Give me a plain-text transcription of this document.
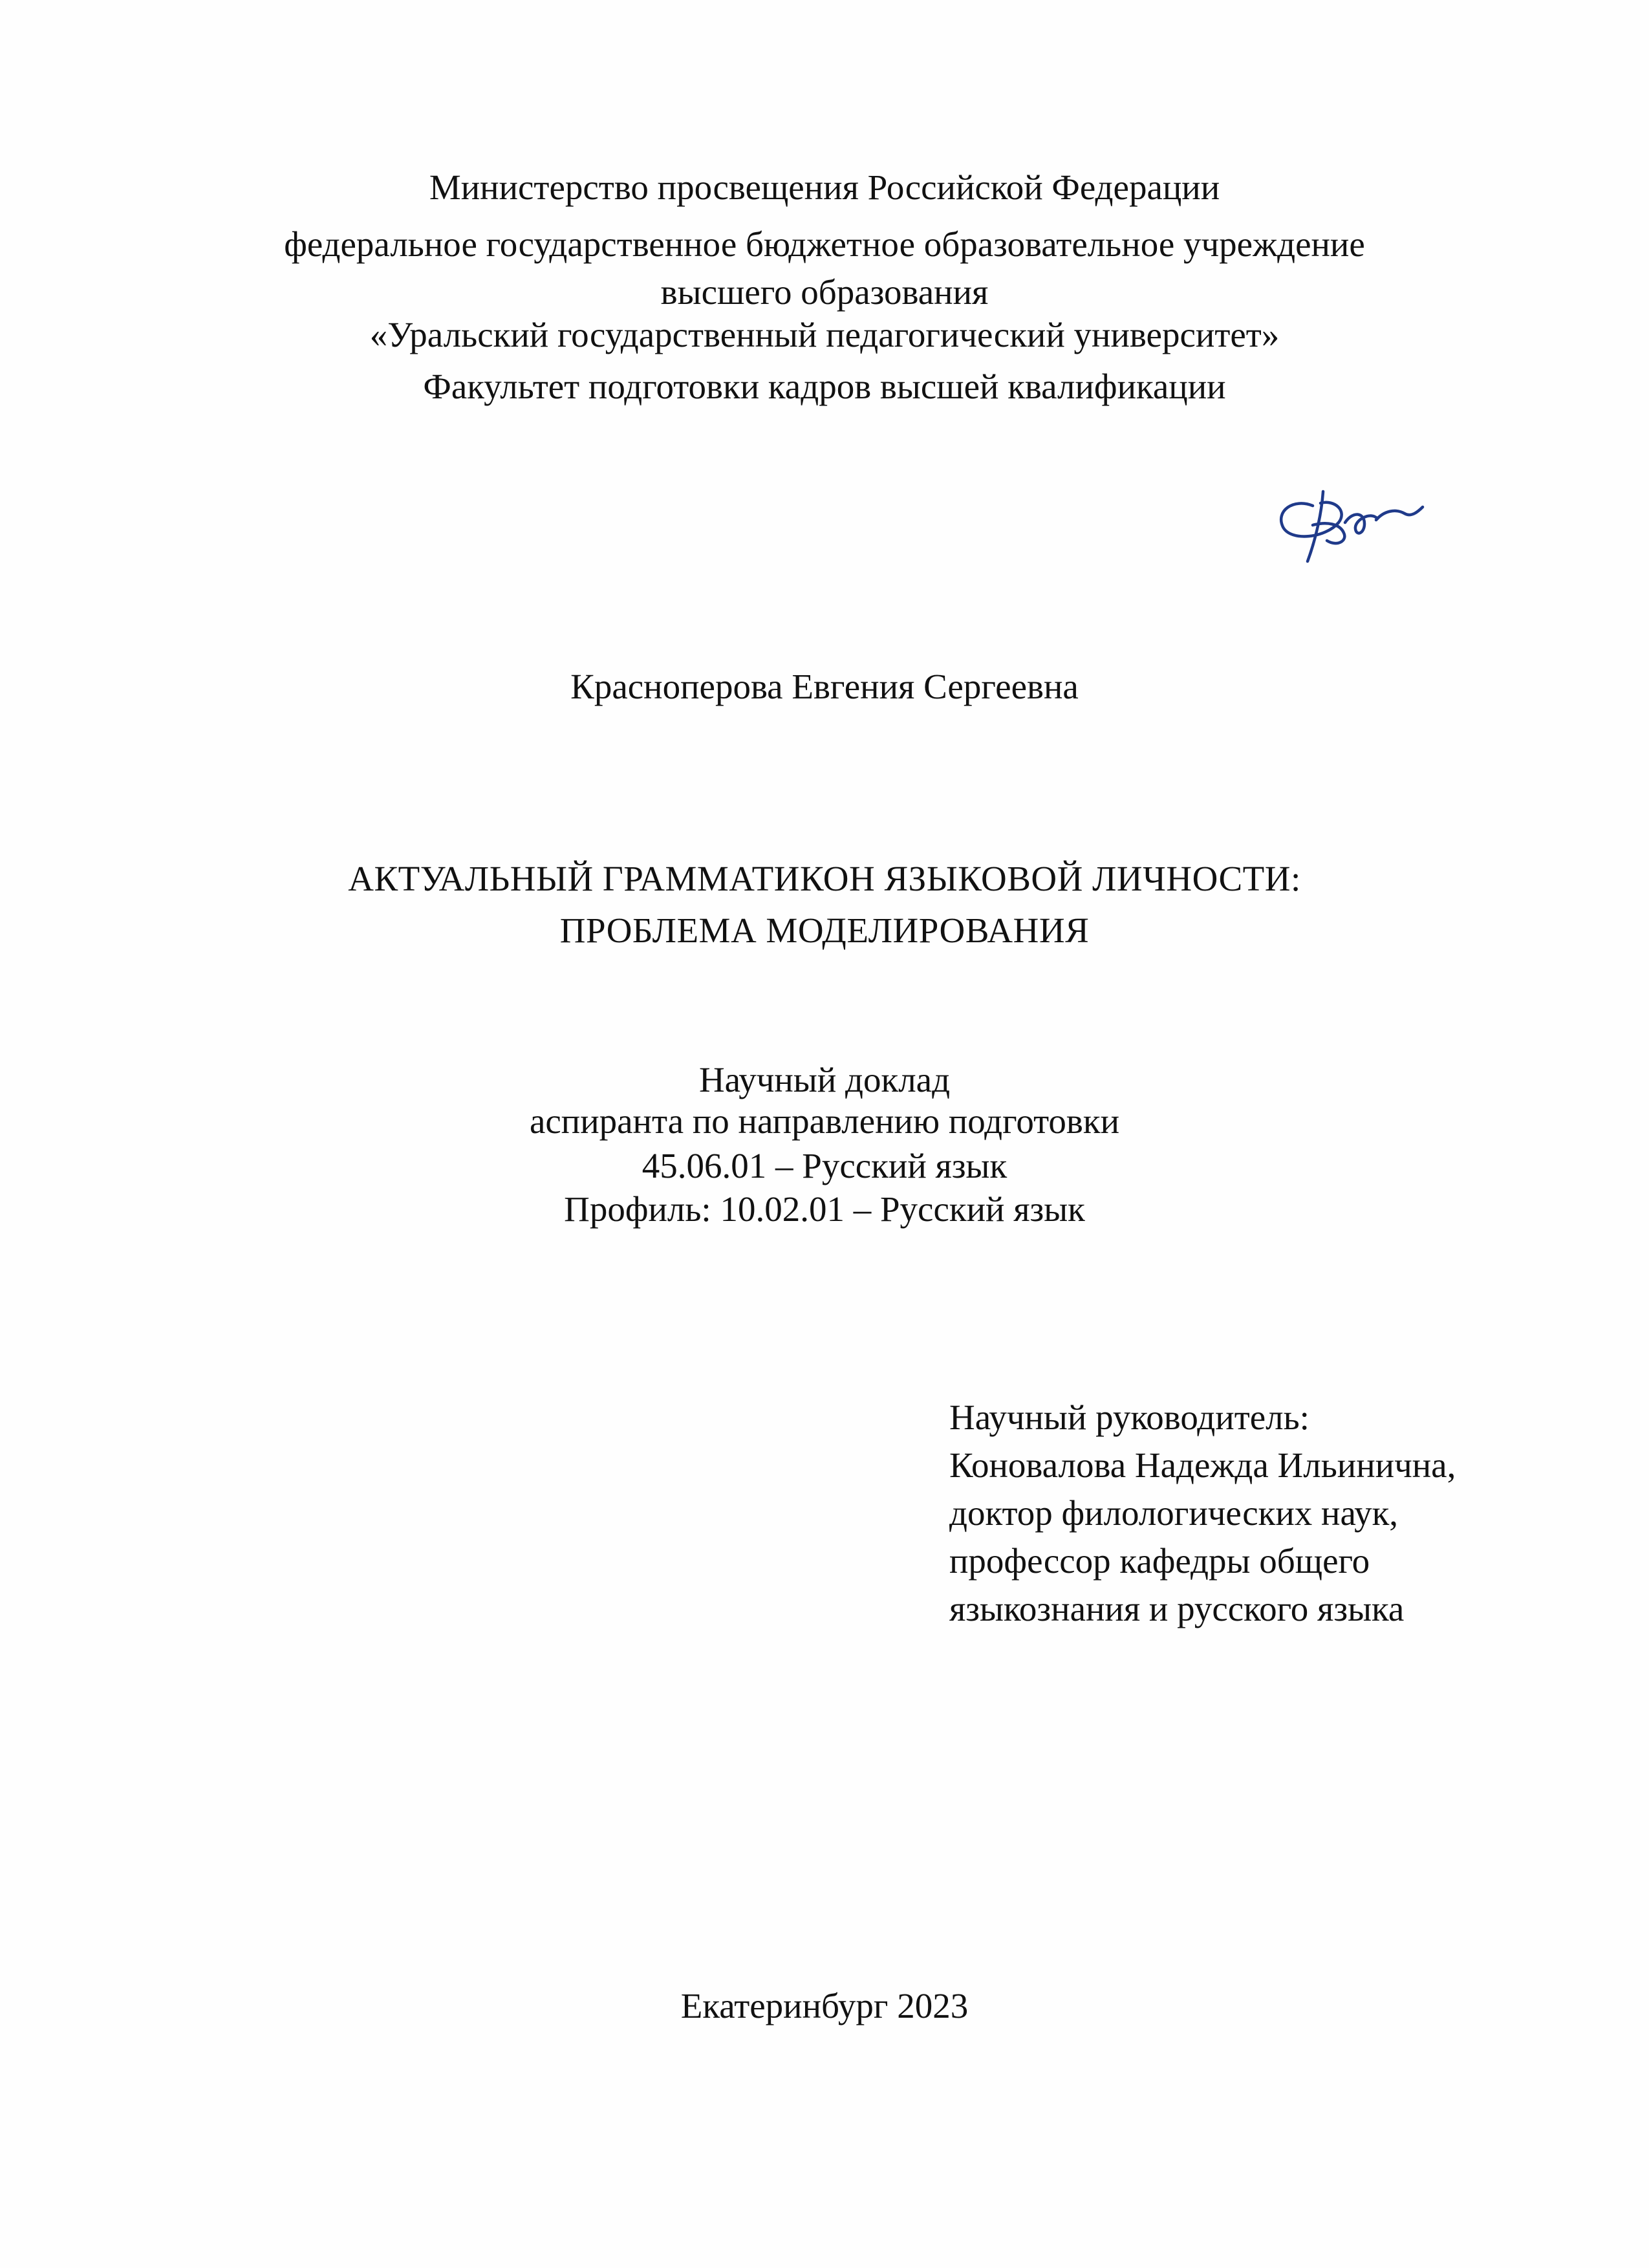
Министерство просвещения Российской Федерации
федеральное государственное бюджетное образовательное учреждение
высшего образования
«Уральский государственный педагогический университет»
Факультет подготовки кадров высшей квалификации
Красноперова Евгения Сергеевна
АКТУАЛЬНЫЙ ГРАММАТИКОН ЯЗЫКОВОЙ ЛИЧНОСТИ:
ПРОБЛЕМА МОДЕЛИРОВАНИЯ
Научный доклад
аспиранта по направлению подготовки
45.06.01 – Русский язык
Профиль: 10.02.01 – Русский язык
Научный руководитель:
Коновалова Надежда Ильинична,
доктор филологических наук,
профессор кафедры общего
языкознания и русского языка
Екатеринбург 2023
